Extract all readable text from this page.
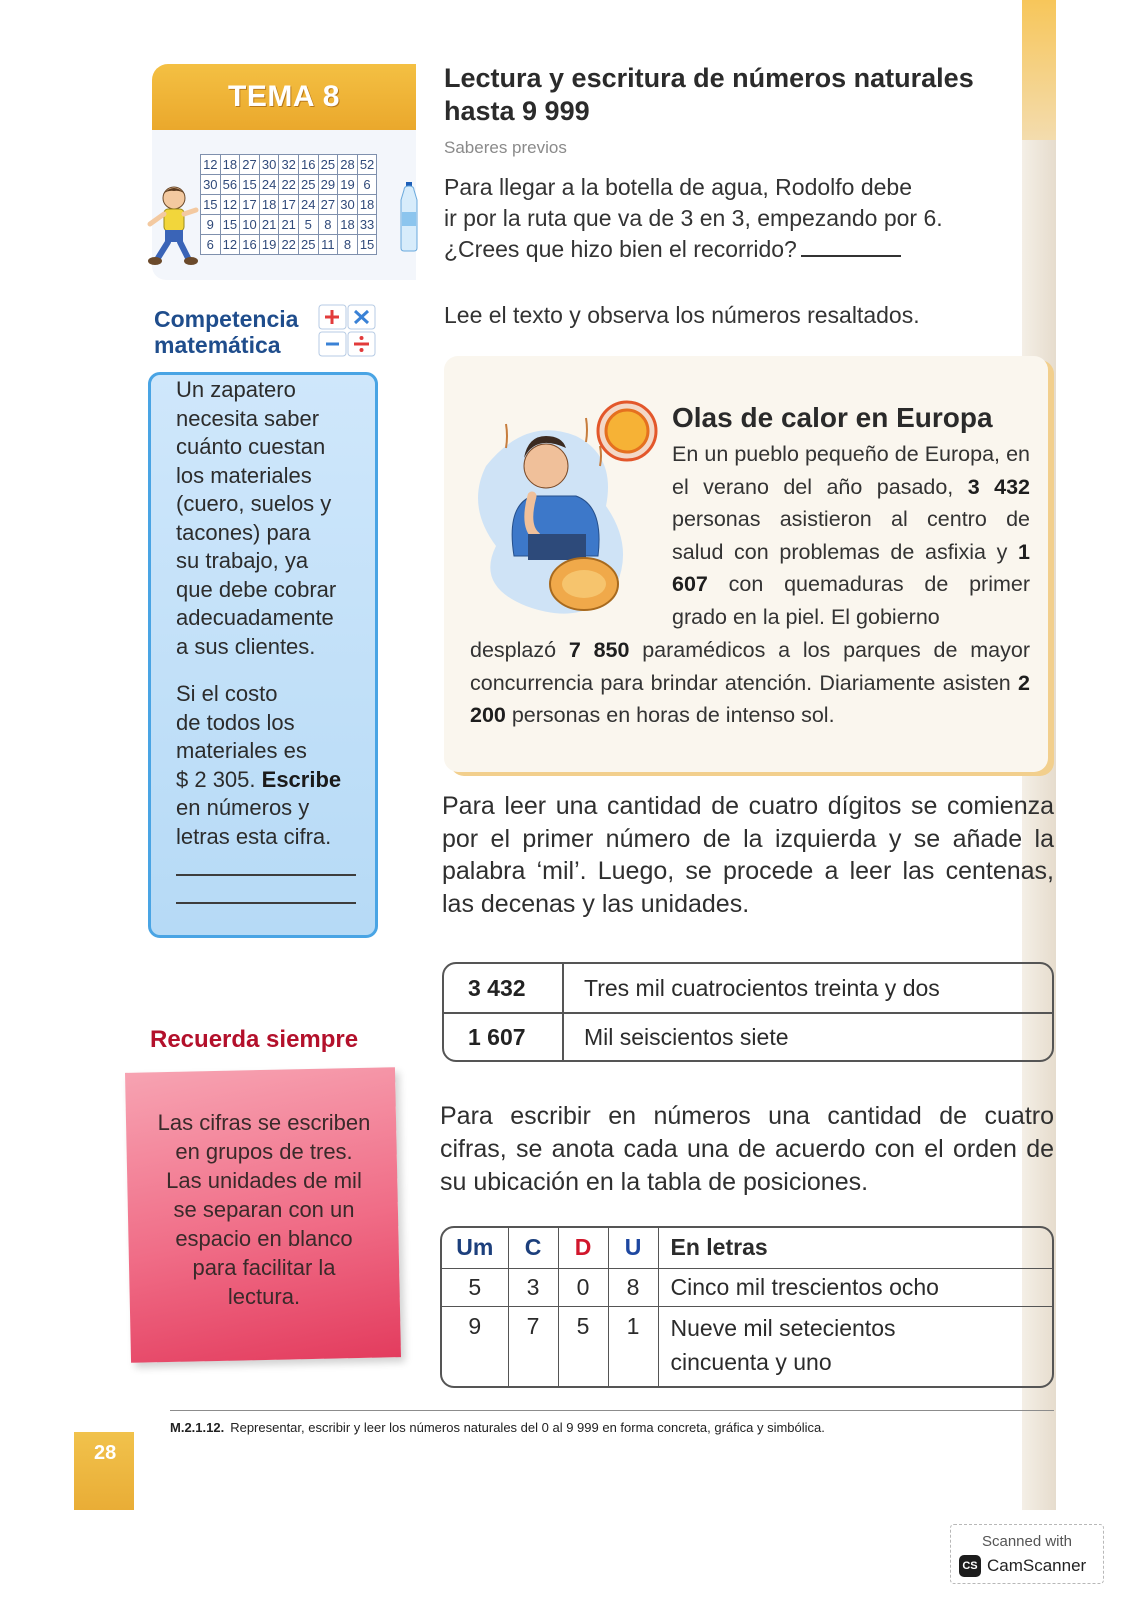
TEMA 8
12	18	27	30	32	16	25	28	52
30	56	15	24	22	25	29	19	6
15	12	17	18	17	24	27	30	18
9	15	10	21	21	5	8	18	33
6	12	16	19	22	25	11	8	15
Lectura y escritura de números naturales
hasta 9 999
Saberes previos
Para llegar a la botella de agua, Rodolfo debe
ir por la ruta que va de 3 en 3, empezando por 6.
¿Crees que hizo bien el recorrido?
Competencia
matemática
Un zapatero
necesita saber
cuánto cuestan
los materiales
(cuero, suelos y
tacones) para
su trabajo, ya
que debe cobrar
adecuadamente
a sus clientes.
Si el costo
de todos los
materiales es
$ 2 305. Escribe
en números y
letras esta cifra.
Lee el texto y observa los números resaltados.
Olas de calor en Europa
En un pueblo pequeño de Europa, en el verano del año pasado, 3 432 personas asistieron al centro de salud con problemas de asfixia y 1 607 con quemaduras de primer grado en la piel. El gobierno
desplazó 7 850 paramédicos a los parques de mayor concurrencia para brindar atención. Diariamente asisten 2 200 personas en horas de intenso sol.
Para leer una cantidad de cuatro dígitos se comienza por el primer número de la izquierda y se añade la palabra ‘mil’. Luego, se procede a leer las centenas, las decenas y las unidades.
3 432	Tres mil cuatrocientos treinta y dos
1 607	Mil seiscientos siete
Recuerda siempre
Las cifras se escriben
en grupos de tres.
Las unidades de mil
se separan con un
espacio en blanco
para facilitar la
lectura.
Para escribir en números una cantidad de cuatro cifras, se anota cada una de acuerdo con el orden de su ubicación en la tabla de posiciones.
Um	C	D	U	En letras
5	3	0	8	Cinco mil trescientos ocho
9	7	5	1	Nueve mil setecientos
cincuenta y uno
M.2.1.12. Representar, escribir y leer los números naturales del 0 al 9 999 en forma concreta, gráfica y simbólica.
28
Scanned with
CS CamScanner
